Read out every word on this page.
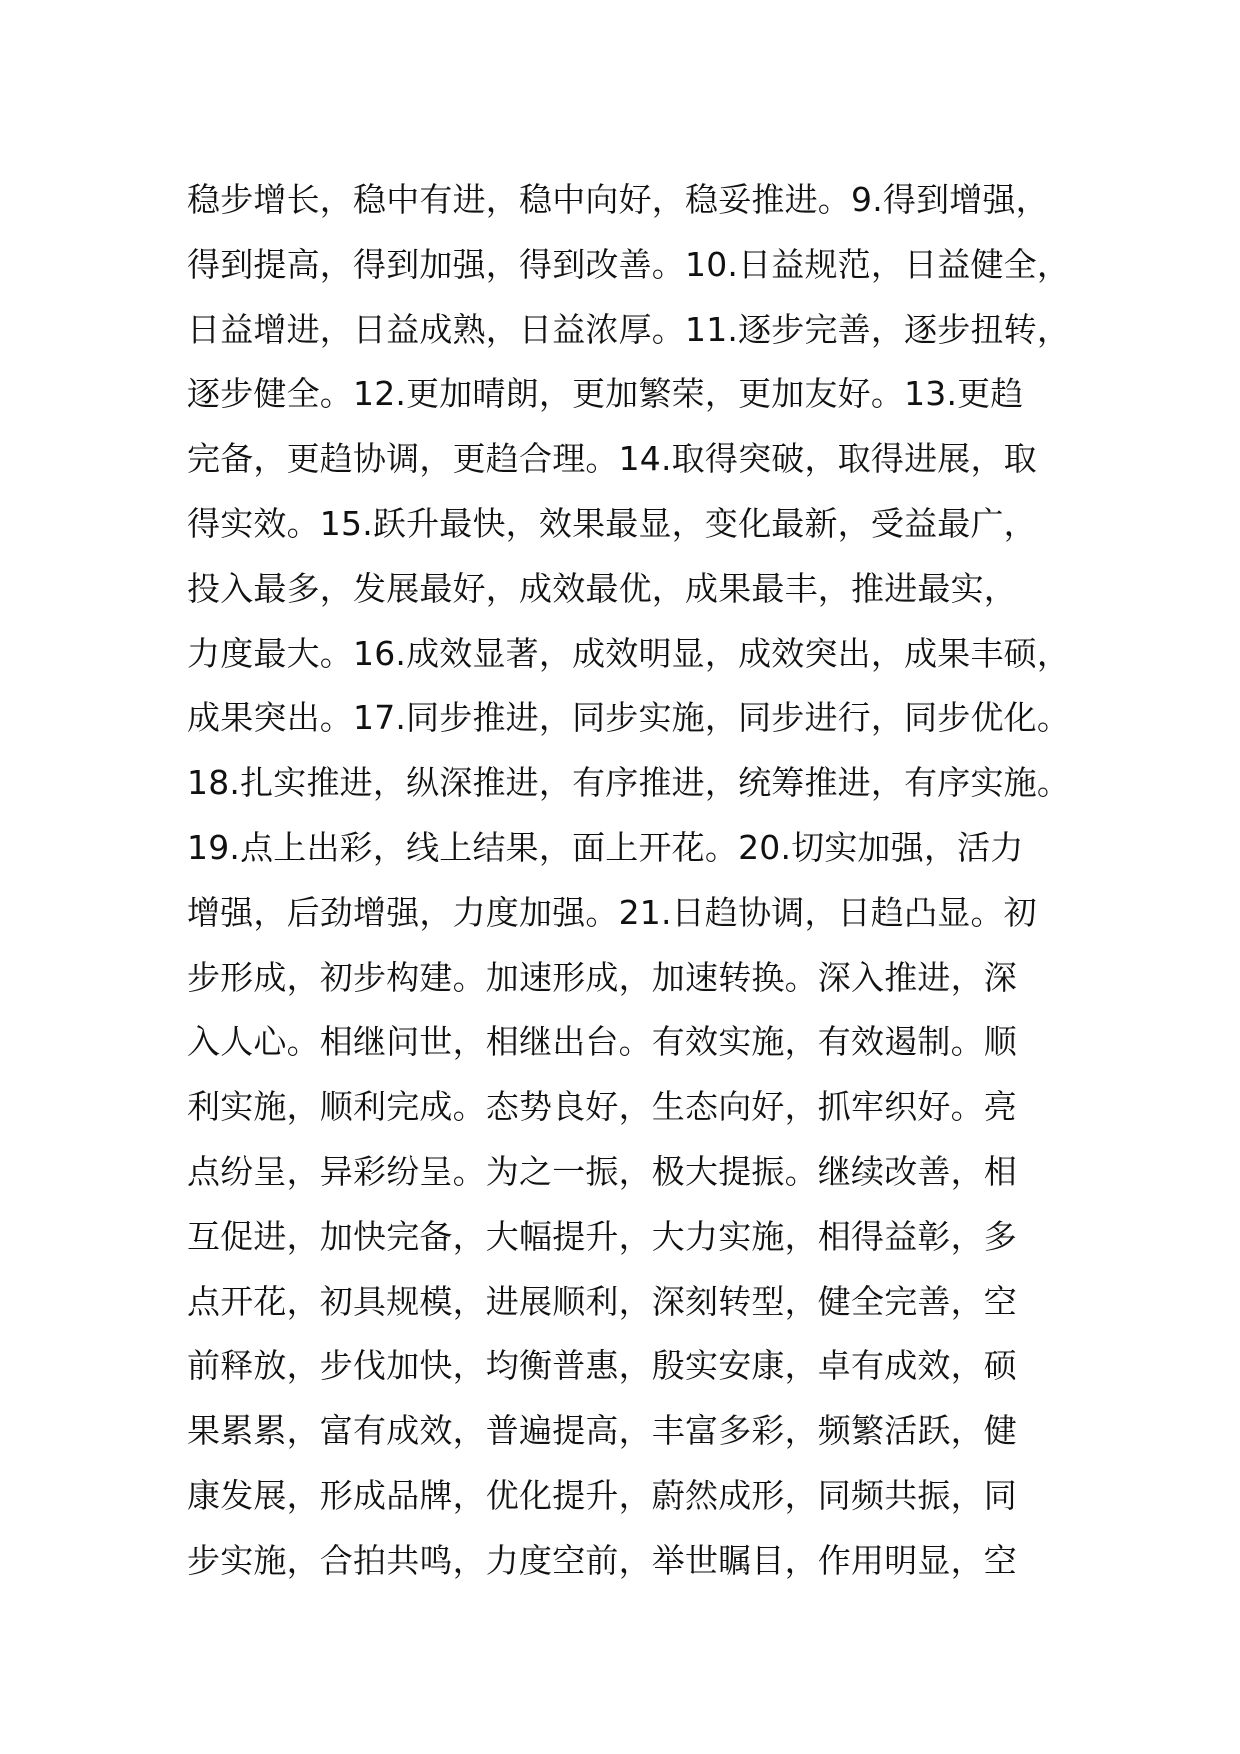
稳步增长，稳中有进，稳中向好，稳妥推进。9.得到增强，
得到提高，得到加强，得到改善。10.日益规范，日益健全，
日益增进，日益成熟，日益浓厚。11.逐步完善，逐步扭转，
逐步健全。12.更加晴朗，更加繁荣，更加友好。13.更趋
完备，更趋协调，更趋合理。14.取得突破，取得进展，取
得实效。15.跃升最快，效果最显，变化最新，受益最广，
投入最多，发展最好，成效最优，成果最丰，推进最实，
力度最大。16.成效显著，成效明显，成效突出，成果丰硕，
成果突出。17.同步推进，同步实施，同步进行，同步优化。
18.扎实推进，纵深推进，有序推进，统筹推进，有序实施。
19.点上出彩，线上结果，面上开花。20.切实加强，活力
增强，后劲增强，力度加强。21.日趋协调，日趋凸显。初
步形成，初步构建。加速形成，加速转换。深入推进，深
入人心。相继问世，相继出台。有效实施，有效遏制。顺
利实施，顺利完成。态势良好，生态向好，抓牢织好。亮
点纷呈，异彩纷呈。为之一振，极大提振。继续改善，相
互促进，加快完备，大幅提升，大力实施，相得益彰，多
点开花，初具规模，进展顺利，深刻转型，健全完善，空
前释放，步伐加快，均衡普惠，殷实安康，卓有成效，硕
果累累，富有成效，普遍提高，丰富多彩，频繁活跃，健
康发展，形成品牌，优化提升，蔚然成形，同频共振，同
步实施，合拍共鸣，力度空前，举世瞩目，作用明显，空
